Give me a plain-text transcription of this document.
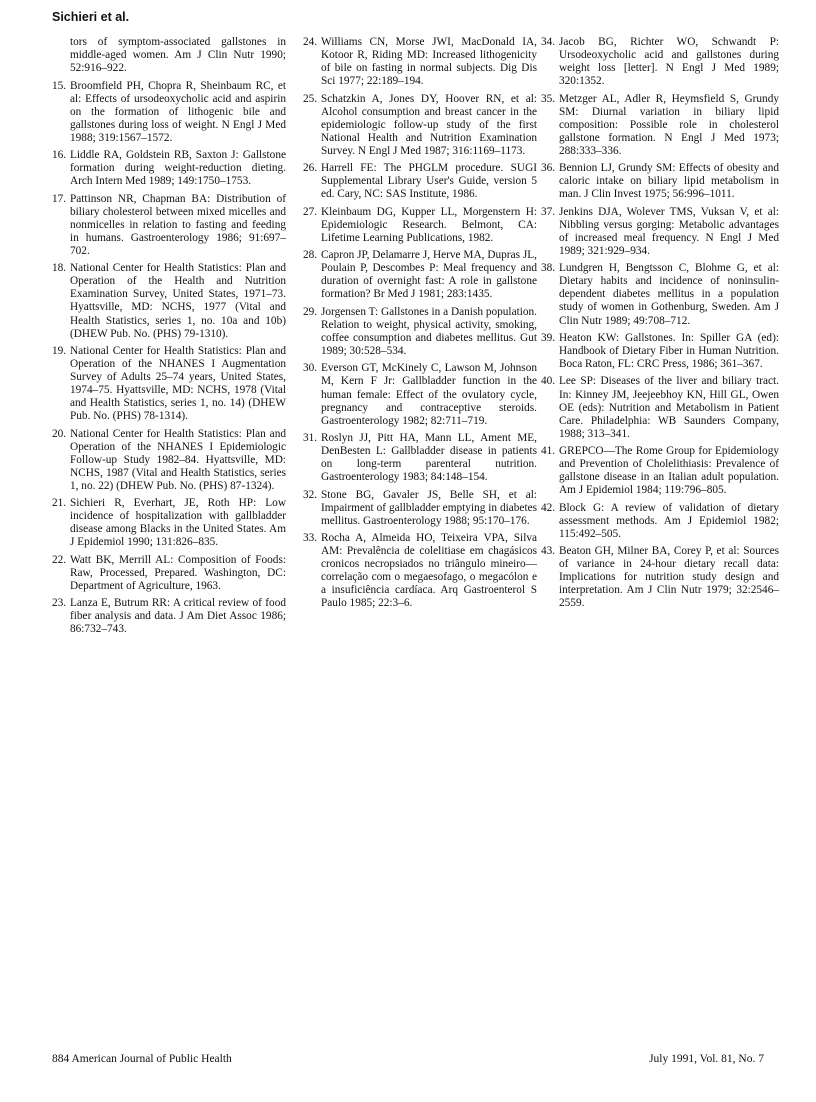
Sichieri et al.
tors of symptom-associated gallstones in middle-aged women. Am J Clin Nutr 1990; 52:916–922.
15. Broomfield PH, Chopra R, Sheinbaum RC, et al: Effects of ursodeoxycholic acid and aspirin on the formation of lithogenic bile and gallstones during loss of weight. N Engl J Med 1988; 319:1567–1572.
16. Liddle RA, Goldstein RB, Saxton J: Gallstone formation during weight-reduction dieting. Arch Intern Med 1989; 149:1750–1753.
17. Pattinson NR, Chapman BA: Distribution of biliary cholesterol between mixed micelles and nonmicelles in relation to fasting and feeding in humans. Gastroenterology 1986; 91:697–702.
18. National Center for Health Statistics: Plan and Operation of the Health and Nutrition Examination Survey, United States, 1971–73. Hyattsville, MD: NCHS, 1977 (Vital and Health Statistics, series 1, no. 10a and 10b) (DHEW Pub. No. (PHS) 79-1310).
19. National Center for Health Statistics: Plan and Operation of the NHANES I Augmentation Survey of Adults 25–74 years, United States, 1974–75. Hyattsville, MD: NCHS, 1978 (Vital and Health Statistics, series 1, no. 14) (DHEW Pub. No. (PHS) 78-1314).
20. National Center for Health Statistics: Plan and Operation of the NHANES I Epidemiologic Follow-up Study 1982–84. Hyattsville, MD: NCHS, 1987 (Vital and Health Statistics, series 1, no. 22) (DHEW Pub. No. (PHS) 87-1324).
21. Sichieri R, Everhart, JE, Roth HP: Low incidence of hospitalization with gallbladder disease among Blacks in the United States. Am J Epidemiol 1990; 131:826–835.
22. Watt BK, Merrill AL: Composition of Foods: Raw, Processed, Prepared. Washington, DC: Department of Agriculture, 1963.
23. Lanza E, Butrum RR: A critical review of food fiber analysis and data. J Am Diet Assoc 1986; 86:732–743.
24. Williams CN, Morse JWI, MacDonald IA, Kotoor R, Riding MD: Increased lithogenicity of bile on fasting in normal subjects. Dig Dis Sci 1977; 22:189–194.
25. Schatzkin A, Jones DY, Hoover RN, et al: Alcohol consumption and breast cancer in the epidemiologic follow-up study of the first National Health and Nutrition Examination Survey. N Engl J Med 1987; 316:1169–1173.
26. Harrell FE: The PHGLM procedure. SUGI Supplemental Library User's Guide, version 5 ed. Cary, NC: SAS Institute, 1986.
27. Kleinbaum DG, Kupper LL, Morgenstern H: Epidemiologic Research. Belmont, CA: Lifetime Learning Publications, 1982.
28. Capron JP, Delamarre J, Herve MA, Dupras JL, Poulain P, Descombes P: Meal frequency and duration of overnight fast: A role in gallstone formation? Br Med J 1981; 283:1435.
29. Jorgensen T: Gallstones in a Danish population. Relation to weight, physical activity, smoking, coffee consumption and diabetes mellitus. Gut 1989; 30:528–534.
30. Everson GT, McKinely C, Lawson M, Johnson M, Kern F Jr: Gallbladder function in the human female: Effect of the ovulatory cycle, pregnancy and contraceptive steroids. Gastroenterology 1982; 82:711–719.
31. Roslyn JJ, Pitt HA, Mann LL, Ament ME, DenBesten L: Gallbladder disease in patients on long-term parenteral nutrition. Gastroenterology 1983; 84:148–154.
32. Stone BG, Gavaler JS, Belle SH, et al: Impairment of gallbladder emptying in diabetes mellitus. Gastroenterology 1988; 95:170–176.
33. Rocha A, Almeida HO, Teixeira VPA, Silva AM: Prevalência de colelitiase em chagásicos cronicos necropsiados no triângulo mineiro—correlação com o megaesofago, o megacólon e a insuficiência cardíaca. Arq Gastroenterol S Paulo 1985; 22:3–6.
34. Jacob BG, Richter WO, Schwandt P: Ursodeoxycholic acid and gallstones during weight loss [letter]. N Engl J Med 1989; 320:1352.
35. Metzger AL, Adler R, Heymsfield S, Grundy SM: Diurnal variation in biliary lipid composition: Possible role in cholesterol gallstone formation. N Engl J Med 1973; 288:333–336.
36. Bennion LJ, Grundy SM: Effects of obesity and caloric intake on biliary lipid metabolism in man. J Clin Invest 1975; 56:996–1011.
37. Jenkins DJA, Wolever TMS, Vuksan V, et al: Nibbling versus gorging: Metabolic advantages of increased meal frequency. N Engl J Med 1989; 321:929–934.
38. Lundgren H, Bengtsson C, Blohme G, et al: Dietary habits and incidence of noninsulin-dependent diabetes mellitus in a population study of women in Gothenburg, Sweden. Am J Clin Nutr 1989; 49:708–712.
39. Heaton KW: Gallstones. In: Spiller GA (ed): Handbook of Dietary Fiber in Human Nutrition. Boca Raton, FL: CRC Press, 1986; 361–367.
40. Lee SP: Diseases of the liver and biliary tract. In: Kinney JM, Jeejeebhoy KN, Hill GL, Owen OE (eds): Nutrition and Metabolism in Patient Care. Philadelphia: WB Saunders Company, 1988; 313–341.
41. GREPCO—The Rome Group for Epidemiology and Prevention of Cholelithiasis: Prevalence of gallstone disease in an Italian adult population. Am J Epidemiol 1984; 119:796–805.
42. Block G: A review of validation of dietary assessment methods. Am J Epidemiol 1982; 115:492–505.
43. Beaton GH, Milner BA, Corey P, et al: Sources of variance in 24-hour dietary recall data: Implications for nutrition study design and interpretation. Am J Clin Nutr 1979; 32:2546–2559.
884 American Journal of Public Health	July 1991, Vol. 81, No. 7
